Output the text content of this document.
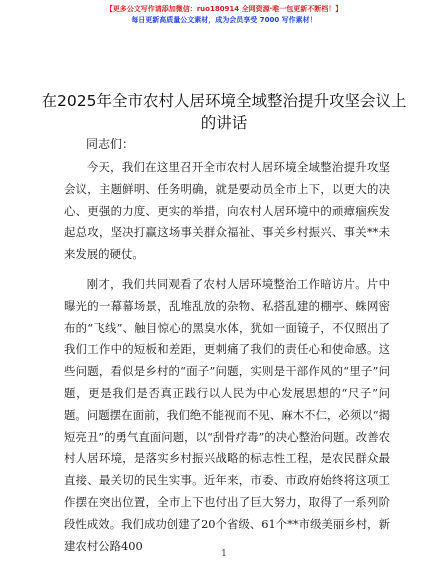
【更多公文写作请添加微信：ruo180914 全网资源·唯一包更新不断档！】
每日更新高质量公文素材，成为会员享受 7000 写作素材！
在2025年全市农村人居环境全域整治提升攻坚会议上的讲话

同志们：

今天，我们在这里召开全市农村人居环境全域整治提升攻坚会议，主题鲜明、任务明确，就是要动员全市上下，以更大的决心、更强的力度、更实的举措，向农村人居环境中的顽瘴痼疾发起总攻，坚决打赢这场事关群众福祉、事关乡村振兴、事关**未来发展的硬仗。

刚才，我们共同观看了农村人居环境整治工作暗访片。片中曝光的一幕幕场景，乱堆乱放的杂物、私搭乱建的棚亭、蛛网密布的“飞线”、触目惊心的黑臭水体，犹如一面镜子，不仅照出了我们工作中的短板和差距，更刺痛了我们的责任心和使命感。这些问题，看似是乡村的“面子”问题，实则是干部作风的“里子”问题，更是我们是否真正践行以人民为中心发展思想的“尺子”问题。问题摆在面前，我们绝不能视而不见、麻木不仁，必须以“揭短亮丑”的勇气直面问题，以“刮骨疗毒”的决心整治问题。改善农村人居环境，是落实乡村振兴战略的标志性工程，是农民群众最直接、最关切的民生实事。近年来，市委、市政府始终将这项工作摆在突出位置，全市上下也付出了巨大努力，取得了一系列阶段性成效。我们成功创建了20个省级、61个**市级美丽乡村，新建农村公路400

1
